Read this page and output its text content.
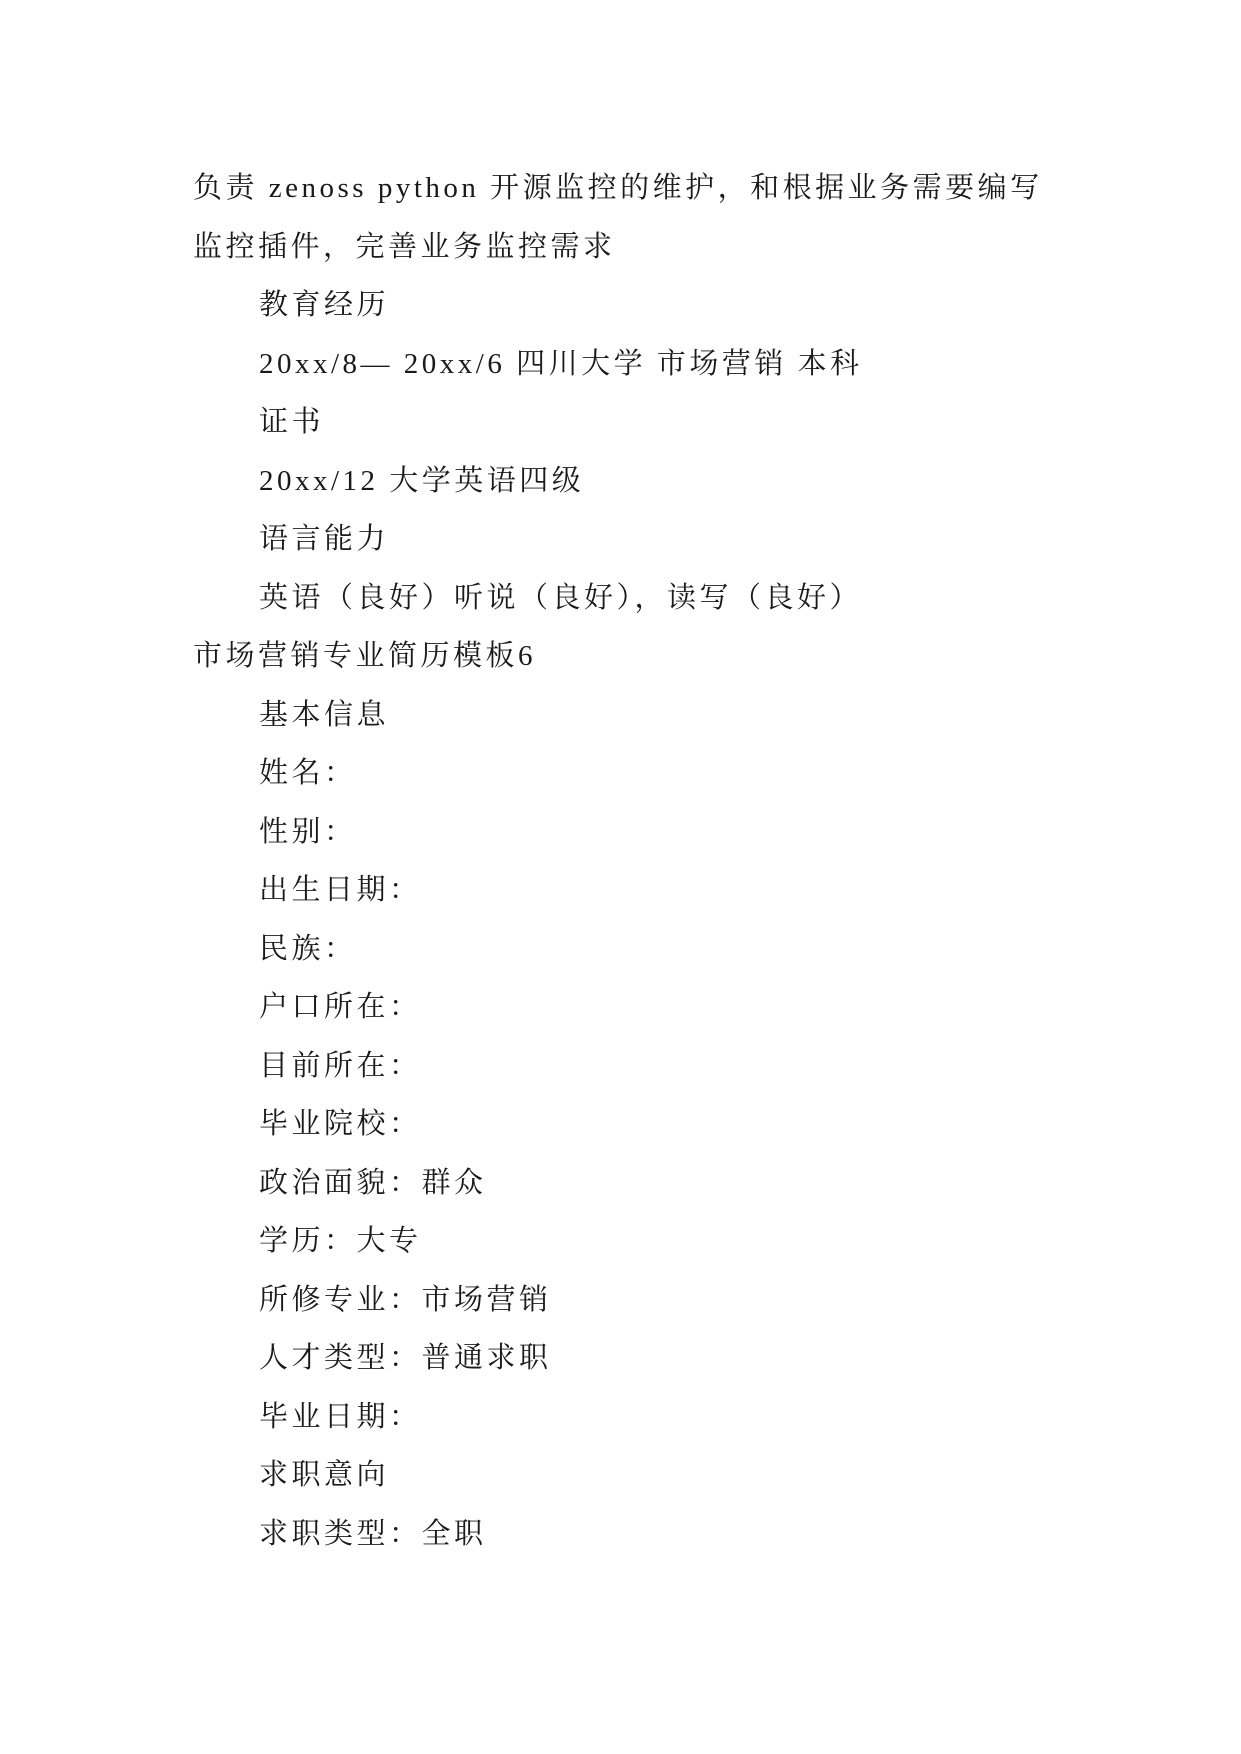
负责 zenoss python 开源监控的维护，和根据业务需要编写
监控插件，完善业务监控需求
教育经历
20xx/8— 20xx/6 四川大学 市场营销 本科
证书
20xx/12 大学英语四级
语言能力
英语（良好）听说（良好），读写（良好）
市场营销专业简历模板6
基本信息
姓名：
性别：
出生日期：
民族：
户口所在：
目前所在：
毕业院校：
政治面貌：群众
学历：大专
所修专业：市场营销
人才类型：普通求职
毕业日期：
求职意向
求职类型：全职
